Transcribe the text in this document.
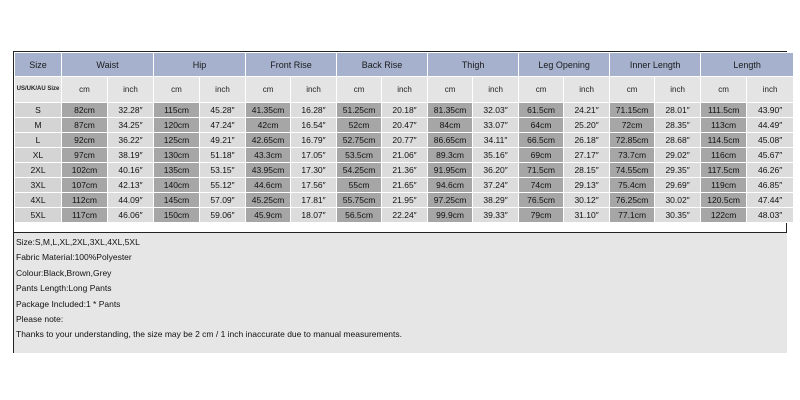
Size	Waist		Hip		Front Rise		Back Rise		Thigh		Leg Opening		Inner Length		Length	
US/UK/AU Size	cm	inch	cm	inch	cm	inch	cm	inch	cm	inch	cm	inch	cm	inch	cm	inch
S	82cm	32.28″	115cm	45.28″	41.35cm	16.28″	51.25cm	20.18″	81.35cm	32.03″	61.5cm	24.21″	71.15cm	28.01″	111.5cm	43.90″
M	87cm	34.25″	120cm	47.24″	42cm	16.54″	52cm	20.47″	84cm	33.07″	64cm	25.20″	72cm	28.35″	113cm	44.49″
L	92cm	36.22″	125cm	49.21″	42.65cm	16.79″	52.75cm	20.77″	86.65cm	34.11″	66.5cm	26.18″	72.85cm	28.68″	114.5cm	45.08″
XL	97cm	38.19″	130cm	51.18″	43.3cm	17.05″	53.5cm	21.06″	89.3cm	35.16″	69cm	27.17″	73.7cm	29.02″	116cm	45.67″
2XL	102cm	40.16″	135cm	53.15″	43.95cm	17.30″	54.25cm	21.36″	91.95cm	36.20″	71.5cm	28.15″	74.55cm	29.35″	117.5cm	46.26″
3XL	107cm	42.13″	140cm	55.12″	44.6cm	17.56″	55cm	21.65″	94.6cm	37.24″	74cm	29.13″	75.4cm	29.69″	119cm	46.85″
4XL	112cm	44.09″	145cm	57.09″	45.25cm	17.81″	55.75cm	21.95″	97.25cm	38.29″	76.5cm	30.12″	76.25cm	30.02″	120.5cm	47.44″
5XL	117cm	46.06″	150cm	59.06″	45.9cm	18.07″	56.5cm	22.24″	99.9cm	39.33″	79cm	31.10″	77.1cm	30.35″	122cm	48.03″
Size:S,M,L,XL,2XL,3XL,4XL,5XL
Fabric Material:100%Polyester
Colour:Black,Brown,Grey
Pants Length:Long Pants
Package Included:1 * Pants
Please note:
Thanks to your understanding, the size may be 2 cm / 1 inch inaccurate due to manual measurements.
